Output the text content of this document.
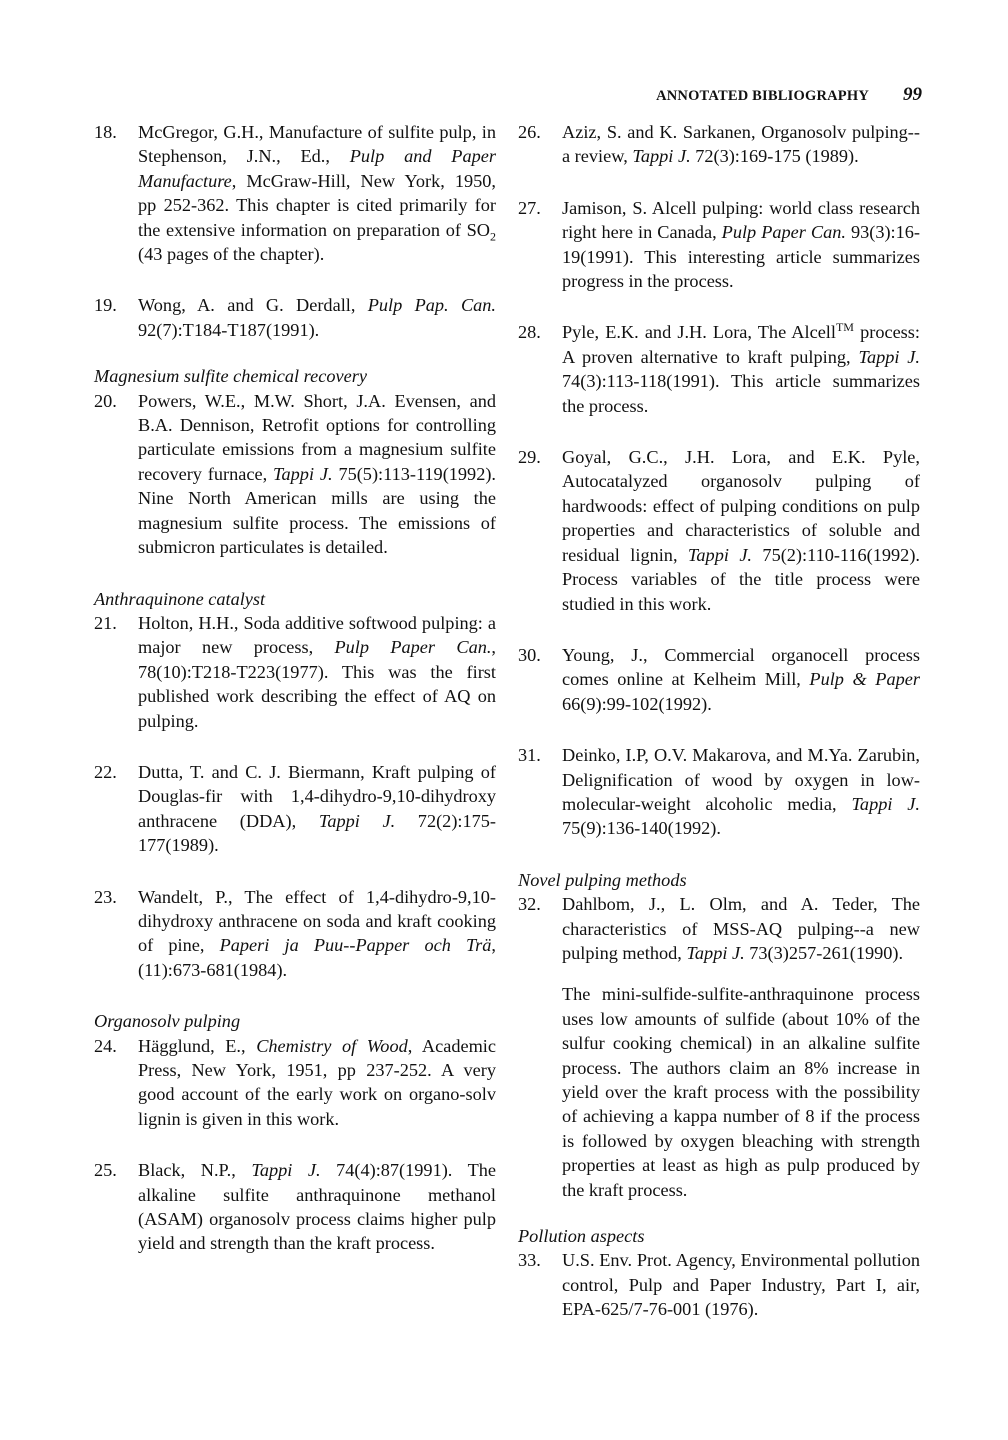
ANNOTATED BIBLIOGRAPHY 99
18.	McGregor, G.H., Manufacture of sulfite pulp, in Stephenson, J.N., Ed., Pulp and Paper Manufacture, McGraw-Hill, New York, 1950, pp 252-362. This chapter is cited primarily for the extensive information on preparation of $SO_2$ (43 pages of the chapter).
19.	Wong, A. and G. Derdall, Pulp Pap. Can. 92(7):T184-T187(1991).
Magnesium sulfite chemical recovery
20.	Powers, W.E., M.W. Short, J.A. Evensen, and B.A. Dennison, Retrofit options for controlling particulate emissions from a magnesium sulfite recovery furnace, Tappi J. 75(5):113-119(1992). Nine North American mills are using the magnesium sulfite process. The emissions of submicron particulates is detailed.
Anthraquinone catalyst
21.	Holton, H.H., Soda additive softwood pulping: a major new process, Pulp Paper Can., 78(10):T218-T223(1977). This was the first published work describing the effect of AQ on pulping.
22.	Dutta, T. and C. J. Biermann, Kraft pulping of Douglas-fir with 1,4-dihydro-9,10-dihydroxy anthracene (DDA), Tappi J. 72(2):175-177(1989).
23.	Wandelt, P., The effect of 1,4-dihydro-9,10-dihydroxy anthracene on soda and kraft cooking of pine, Paperi ja Puu--Papper och Trä, (11):673-681(1984).
Organosolv pulping
24.	Hägglund, E., Chemistry of Wood, Academic Press, New York, 1951, pp 237-252. A very good account of the early work on organo-solv lignin is given in this work.
25.	Black, N.P., Tappi J. 74(4):87(1991). The alkaline sulfite anthraquinone methanol (ASAM) organosolv process claims higher pulp yield and strength than the kraft process.
26.	Aziz, S. and K. Sarkanen, Organosolv pulping--a review, Tappi J. 72(3):169-175 (1989).
27.	Jamison, S. Alcell pulping: world class research right here in Canada, Pulp Paper Can. 93(3):16-19(1991). This interesting article summarizes progress in the process.
28.	Pyle, E.K. and J.H. Lora, The Alcell™ process: A proven alternative to kraft pulping, Tappi J. 74(3):113-118(1991). This article summarizes the process.
29.	Goyal, G.C., J.H. Lora, and E.K. Pyle, Autocatalyzed organosolv pulping of hardwoods: effect of pulping conditions on pulp properties and characteristics of soluble and residual lignin, Tappi J. 75(2):110-116(1992). Process variables of the title process were studied in this work.
30.	Young, J., Commercial organocell process comes online at Kelheim Mill, Pulp & Paper 66(9):99-102(1992).
31.	Deinko, I.P, O.V. Makarova, and M.Ya. Zarubin, Delignification of wood by oxygen in low-molecular-weight alcoholic media, Tappi J. 75(9):136-140(1992).
Novel pulping methods
32.	Dahlbom, J., L. Olm, and A. Teder, The characteristics of MSS-AQ pulping--a new pulping method, Tappi J. 73(3)257-261(1990).
The mini-sulfide-sulfite-anthraquinone process uses low amounts of sulfide (about 10% of the sulfur cooking chemical) in an alkaline sulfite process. The authors claim an 8% increase in yield over the kraft process with the possibility of achieving a kappa number of 8 if the process is followed by oxygen bleaching with strength properties at least as high as pulp produced by the kraft process.
Pollution aspects
33.	U.S. Env. Prot. Agency, Environmental pollution control, Pulp and Paper Industry, Part I, air, EPA-625/7-76-001 (1976).
